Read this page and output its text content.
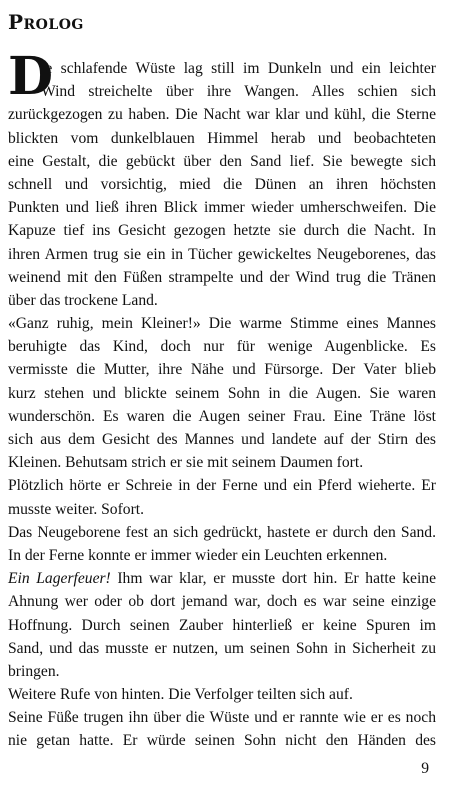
Prolog
D
ie schlafende Wüste lag still im Dunkeln und ein leichter
Wind streichelte über ihre Wangen. Alles schien sich
zurückgezogen zu haben. Die Nacht war klar und kühl, die Sterne
blickten vom dunkelblauen Himmel herab und beobachteten
eine Gestalt, die gebückt über den Sand lief. Sie bewegte sich
schnell und vorsichtig, mied die Dünen an ihren höchsten
Punkten und ließ ihren Blick immer wieder umherschweifen. Die
Kapuze tief ins Gesicht gezogen hetzte sie durch die Nacht. In
ihren Armen trug sie ein in Tücher gewickeltes Neugeborenes, das
weinend mit den Füßen strampelte und der Wind trug die Tränen
über das trockene Land.
«Ganz ruhig, mein Kleiner!» Die warme Stimme eines Mannes
beruhigte das Kind, doch nur für wenige Augenblicke. Es
vermisste die Mutter, ihre Nähe und Fürsorge. Der Vater blieb
kurz stehen und blickte seinem Sohn in die Augen. Sie waren
wunderschön. Es waren die Augen seiner Frau. Eine Träne löst
sich aus dem Gesicht des Mannes und landete auf der Stirn des
Kleinen. Behutsam strich er sie mit seinem Daumen fort.
Plötzlich hörte er Schreie in der Ferne und ein Pferd wieherte. Er
musste weiter. Sofort.
Das Neugeborene fest an sich gedrückt, hastete er durch den Sand.
In der Ferne konnte er immer wieder ein Leuchten erkennen.
Ein Lagerfeuer! Ihm war klar, er musste dort hin. Er hatte keine
Ahnung wer oder ob dort jemand war, doch es war seine einzige
Hoffnung. Durch seinen Zauber hinterließ er keine Spuren im
Sand, und das musste er nutzen, um seinen Sohn in Sicherheit zu
bringen.
Weitere Rufe von hinten. Die Verfolger teilten sich auf.
Seine Füße trugen ihn über die Wüste und er rannte wie er es noch
nie getan hatte. Er würde seinen Sohn nicht den Händen des
9
